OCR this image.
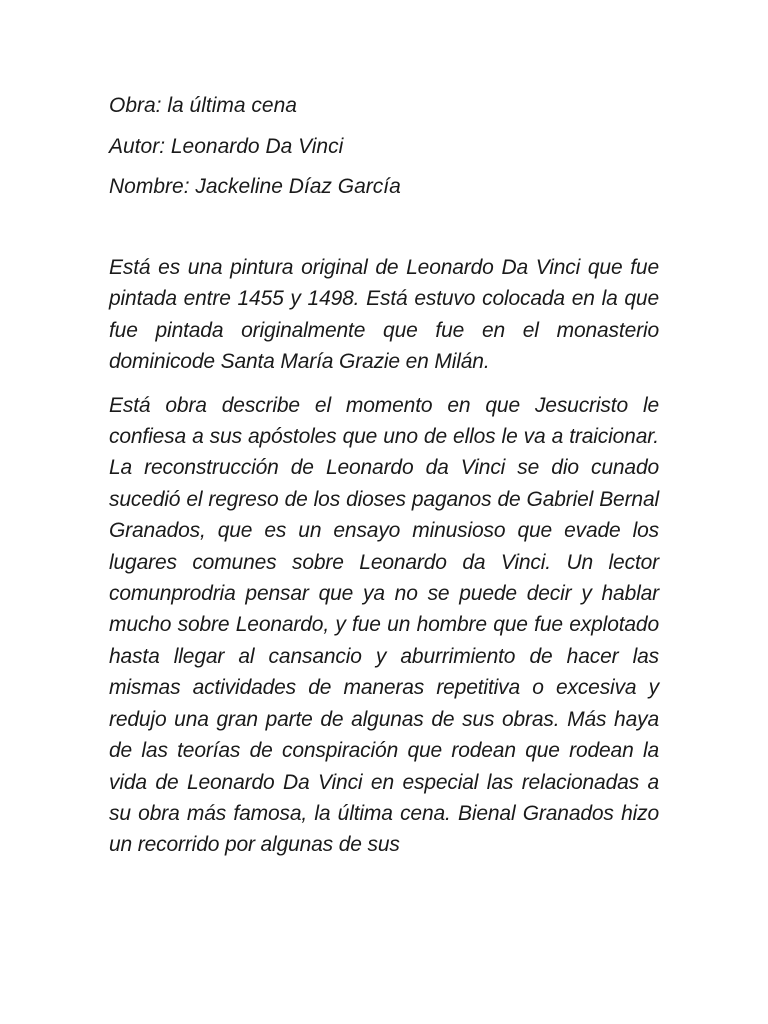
Obra: la última cena
Autor: Leonardo Da Vinci
Nombre: Jackeline Díaz García

Está es una pintura original de Leonardo Da Vinci que fue pintada entre 1455 y 1498. Está estuvo colocada en la que fue pintada originalmente que fue en el monasterio dominicode Santa María Grazie en Milán.

Está obra describe el momento en que Jesucristo le confiesa a sus apóstoles que uno de ellos le va a traicionar. La reconstrucción de Leonardo da Vinci se dio cunado sucedió el regreso de los dioses paganos de Gabriel Bernal Granados, que es un ensayo minusioso que evade los lugares comunes sobre Leonardo da Vinci. Un lector comunprodria pensar que ya no se puede decir y hablar mucho sobre Leonardo, y fue un hombre que fue explotado hasta llegar al cansancio y aburrimiento de hacer las mismas actividades de maneras repetitiva o excesiva y redujo una gran parte de algunas de sus obras. Más haya de las teorías de conspiración que rodean que rodean la vida de Leonardo Da Vinci en especial las relacionadas a su obra más famosa, la última cena. Bienal Granados hizo un recorrido por algunas de sus
